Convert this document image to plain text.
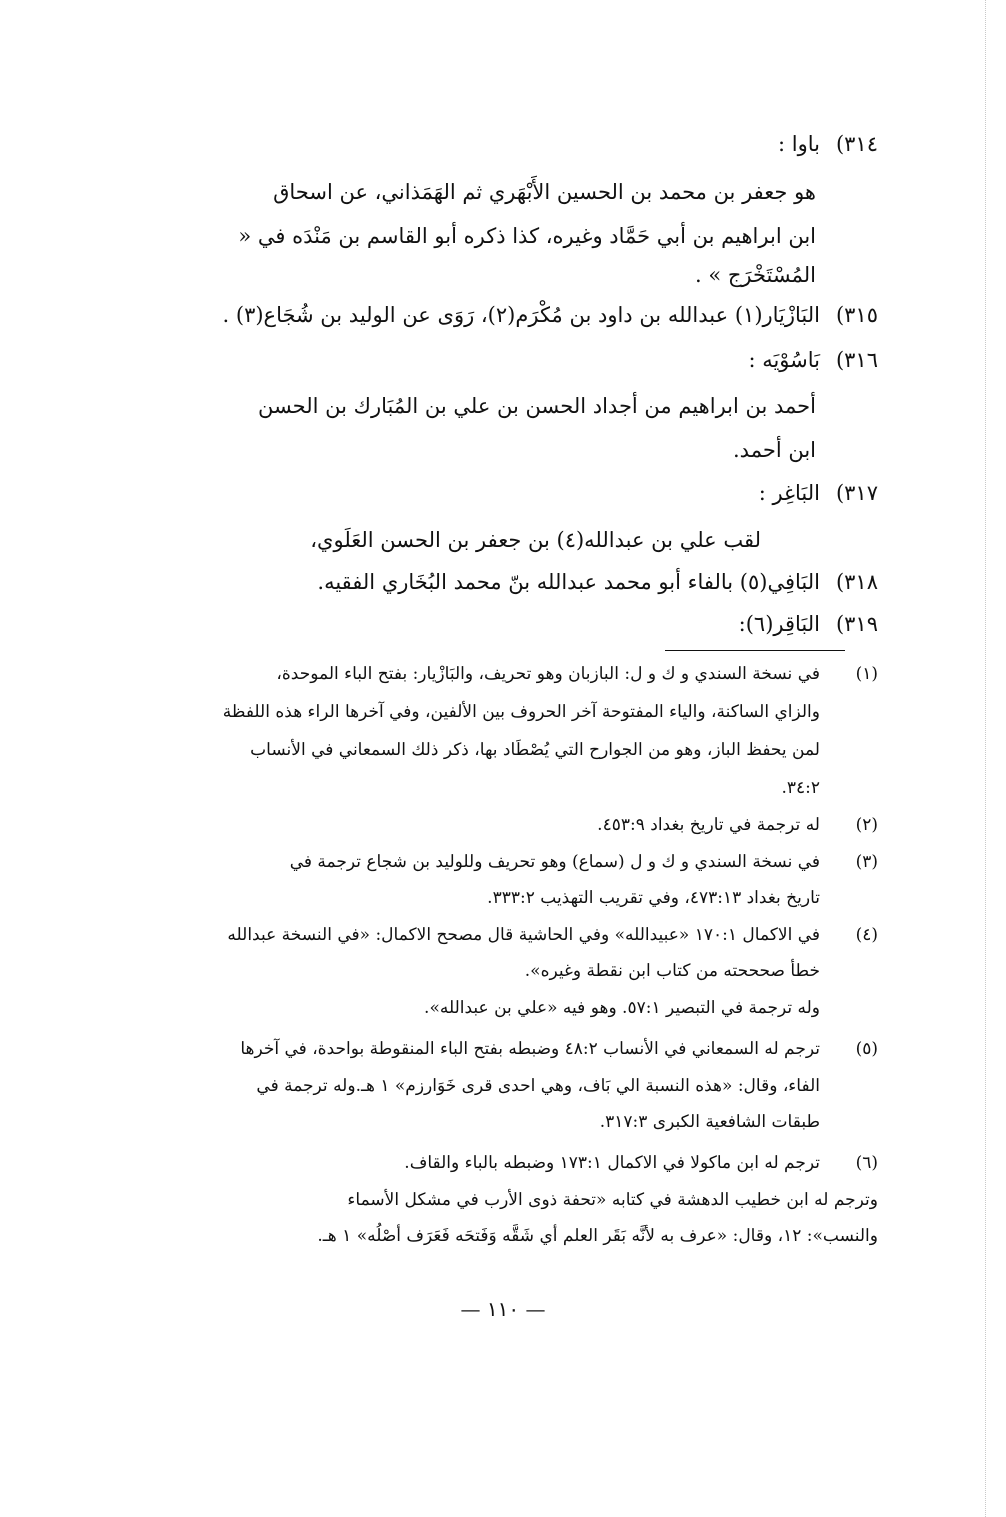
٣١٤)باوا :
هو جعفر بن محمد بن الحسين الأَبْهَري ثم الهَمَذاني، عن اسحاق
ابن ابراهيم بن أبي حَمَّاد وغيره، كذا ذكره أبو القاسم بن مَنْدَه في «
المُسْتَخْرَج » .
٣١٥)البَازْيَار(١) عبدالله بن داود بن مُكْرَم(٢)، رَوَى عن الوليد بن شُجَاع(٣) .
٣١٦)بَاسُوْيَه :
أحمد بن ابراهيم من أجداد الحسن بن علي بن المُبَارك بن الحسن
ابن أحمد.
٣١٧)البَاغِر :
لقب علي بن عبدالله(٤) بن جعفر بن الحسن العَلَوي،
٣١٨)البَافِي(٥) بالفاء أبو محمد عبدالله بنّ محمد البُخَاري الفقيه.
٣١٩)البَاقِر(٦):
(١)في نسخة السندي و ك و ل: البازبان وهو تحريف، والبَازْيار: بفتح الباء الموحدة،
والزاي الساكنة، والياء المفتوحة آخر الحروف بين الألفين، وفي آخرها الراء هذه اللفظة
لمن يحفظ الباز، وهو من الجوارح التي يُصْطَاد بها، ذكر ذلك السمعاني في الأنساب
٣٤:٢.
(٢)له ترجمة في تاريخ بغداد ٤٥٣:٩.
(٣)في نسخة السندي و ك و ل (سماع) وهو تحريف وللوليد بن شجاع ترجمة في
تاريخ بغداد ٤٧٣:١٣، وفي تقريب التهذيب ٣٣٣:٢.
(٤)في الاكمال ١٧٠:١ «عبيدالله» وفي الحاشية قال مصحح الاكمال: «في النسخة عبدالله
خطأ صحححته من كتاب ابن نقطة وغيره».
وله ترجمة في التبصير ٥٧:١. وهو فيه «علي بن عبدالله».
(٥)ترجم له السمعاني في الأنساب ٤٨:٢ وضبطه بفتح الباء المنقوطة بواحدة، في آخرها
الفاء، وقال: «هذه النسبة الي بَاف، وهي احدى قرى خَوَارزم» ١ هـ.وله ترجمة في
طبقات الشافعية الكبرى ٣١٧:٣.
(٦)ترجم له ابن ماكولا في الاكمال ١٧٣:١ وضبطه بالباء والقاف.
وترجم له ابن خطيب الدهشة في كتابه «تحفة ذوى الأرب في مشكل الأسماء
والنسب»: ١٢، وقال: «عرف به لأنَّه بَقَر العلم أي شَقَّه وَفَتحَه فَعَرَف أصْلُه» ١ هـ.
— ١١٠ —
